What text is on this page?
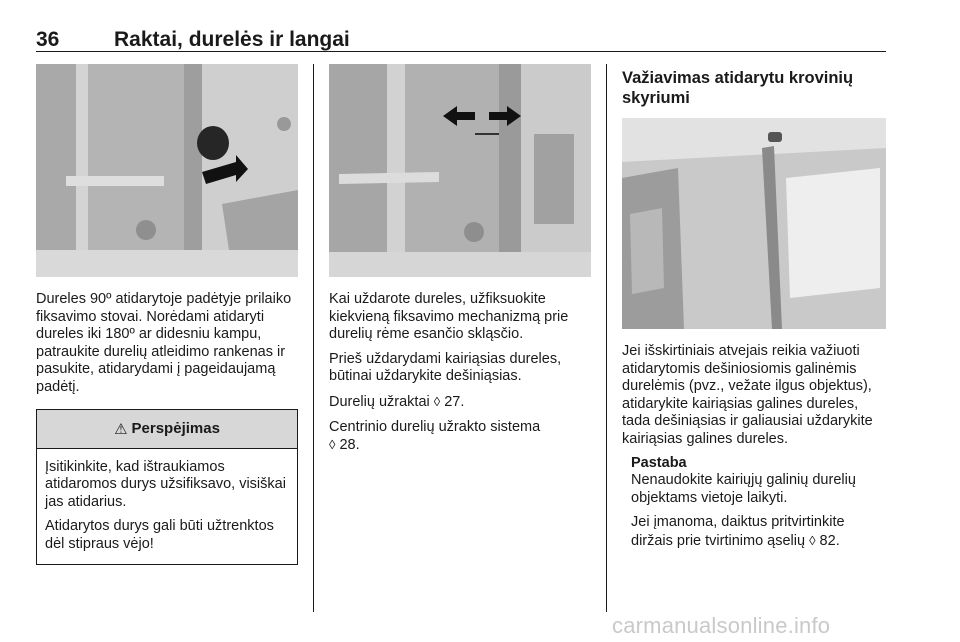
36	Raktai, durelės ir langai

Dureles 90º atidarytoje padėtyje prilaiko fiksavimo stovai. Norėdami atidaryti dureles iki 180º ar didesniu kampu, patraukite durelių atleidimo rankenas ir pasukite, atidarydami į pageidaujamą padėtį.

⚠ Perspėjimas

Įsitikinkite, kad ištraukiamos atidaromos durys užsifiksavo, visiškai jas atidarius.

Atidarytos durys gali būti užtrenktos dėl stipraus vėjo!

Kai uždarote dureles, užfiksuokite kiekvieną fiksavimo mechanizmą prie durelių rėme esančio skląsčio.

Prieš uždarydami kairiąsias dureles, būtinai uždarykite dešiniąsias.

Durelių užraktai ◊ 27.

Centrinio durelių užrakto sistema
◊ 28.

Važiavimas atidarytu krovinių skyriumi

Jei išskirtiniais atvejais reikia važiuoti atidarytomis dešiniosiomis galinėmis durelėmis (pvz., vežate ilgus objektus), atidarykite kairiąsias galines dureles, tada dešiniąsias ir galiausiai uždarykite kairiąsias galines dureles.

Pastaba

Nenaudokite kairiųjų galinių durelių objektams vietoje laikyti.

Jei įmanoma, daiktus pritvirtinkite diržais prie tvirtinimo ąselių ◊ 82.

carmanualsonline.info
